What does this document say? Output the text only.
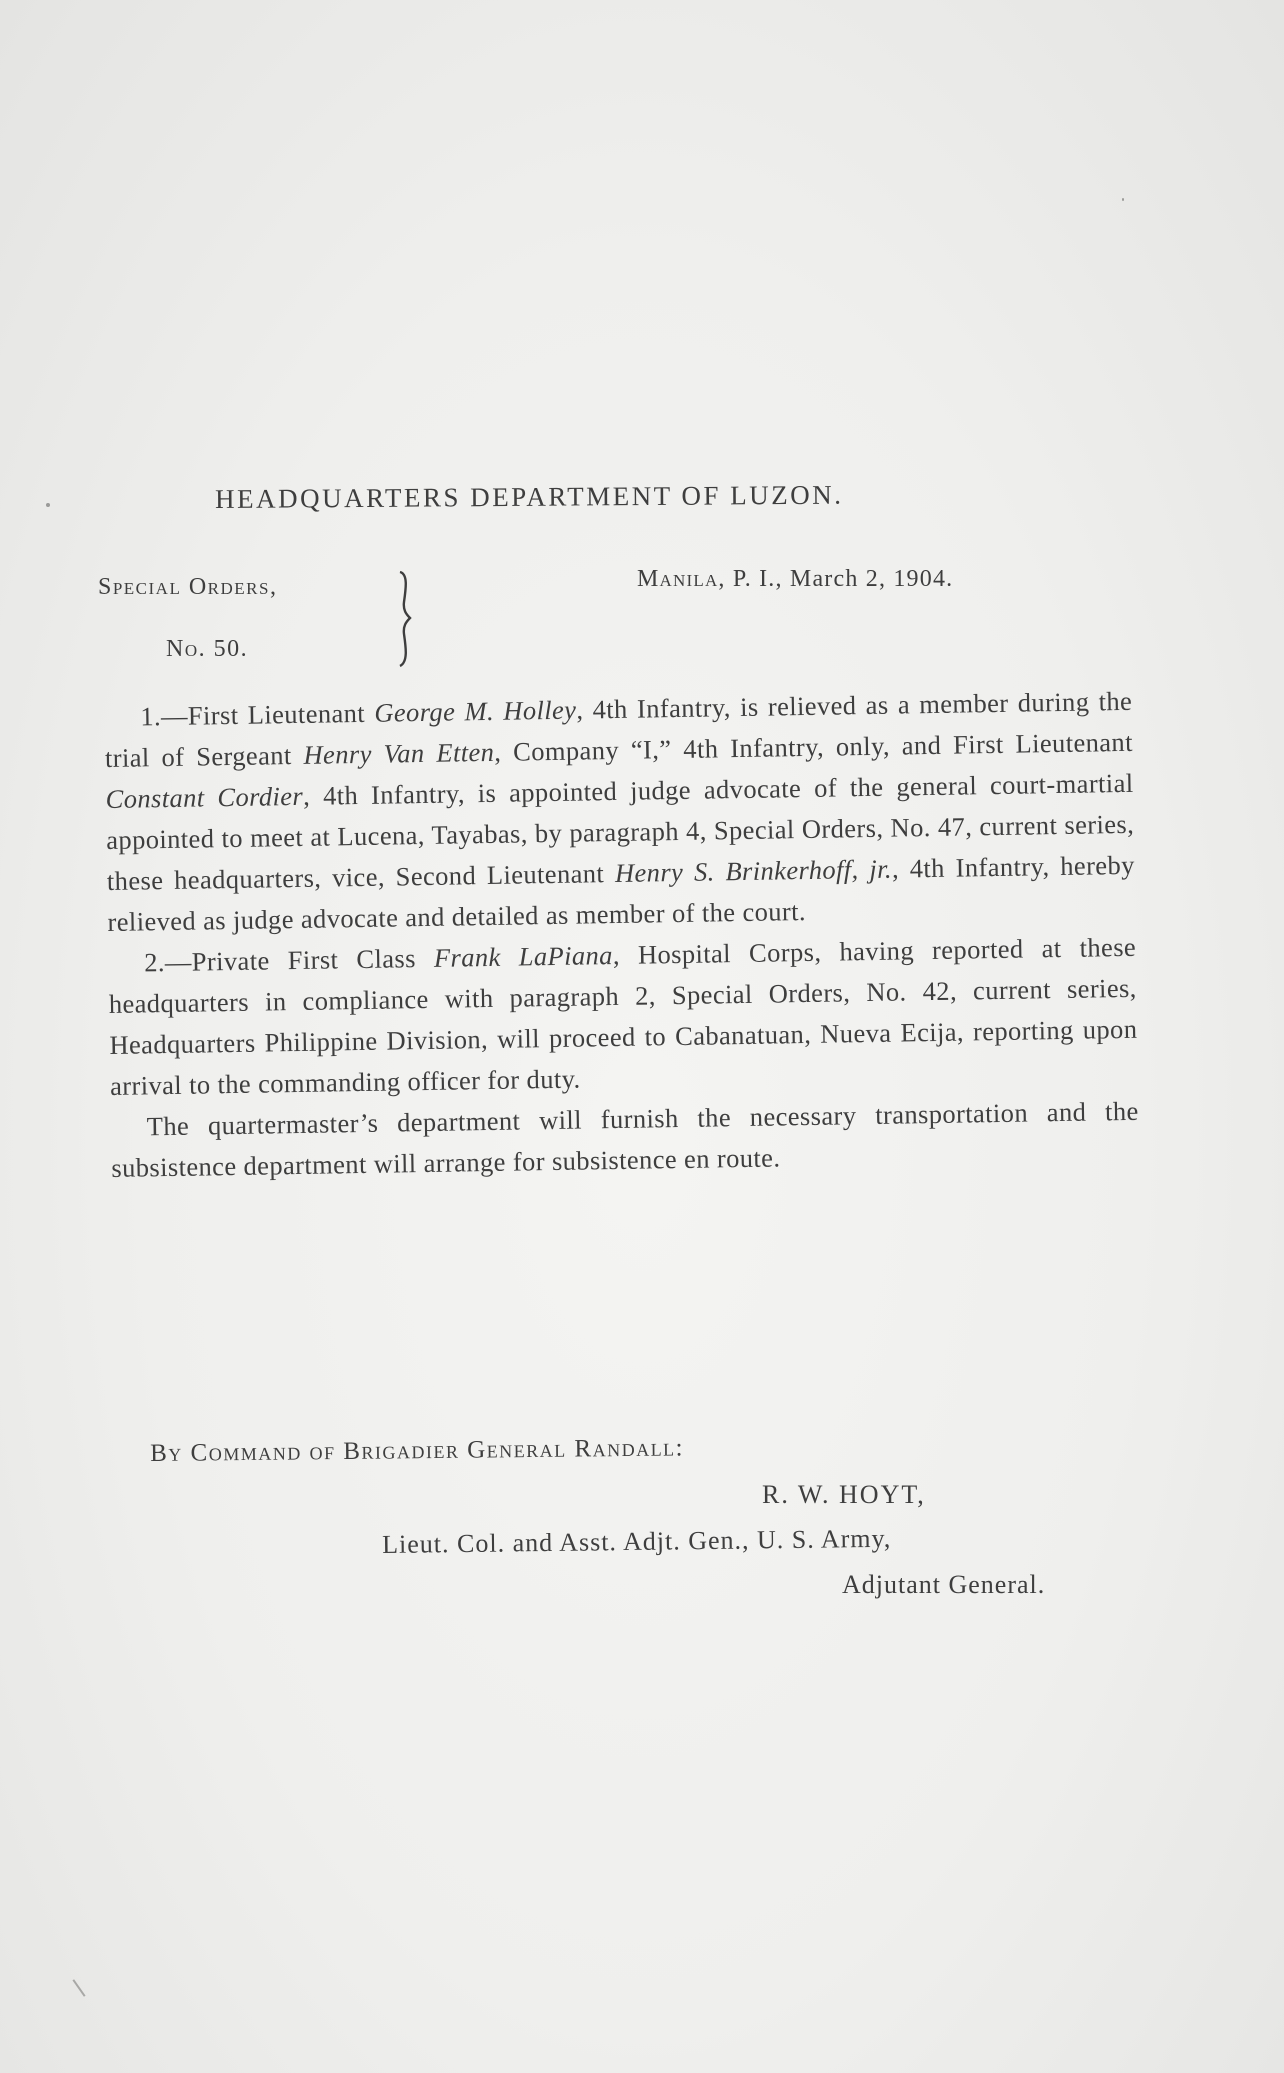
HEADQUARTERS DEPARTMENT OF LUZON.
Special Orders,
No. 50.
Manila, P. I., March 2, 1904.

1.—First Lieutenant George M. Holley, 4th Infantry, is relieved as a member during the trial of Sergeant Henry Van Etten, Company “I,” 4th Infantry, only, and First Lieutenant Constant Cordier, 4th Infantry, is appointed judge advocate of the general court-martial appointed to meet at Lucena, Tayabas, by paragraph 4, Special Orders, No. 47, current series, these headquarters, vice, Second Lieutenant Henry S. Brinkerhoff, jr., 4th Infantry, hereby relieved as judge advocate and detailed as member of the court.

2.—Private First Class Frank LaPiana, Hospital Corps, having reported at these headquarters in compliance with paragraph 2, Special Orders, No. 42, current series, Headquarters Philippine Division, will proceed to Cabanatuan, Nueva Ecija, reporting upon arrival to the commanding officer for duty.

The quartermaster’s department will furnish the necessary transportation and the subsistence department will arrange for subsistence en route.

By Command of Brigadier General Randall:
R. W. HOYT,
Lieut. Col. and Asst. Adjt. Gen., U. S. Army,
Adjutant General.
